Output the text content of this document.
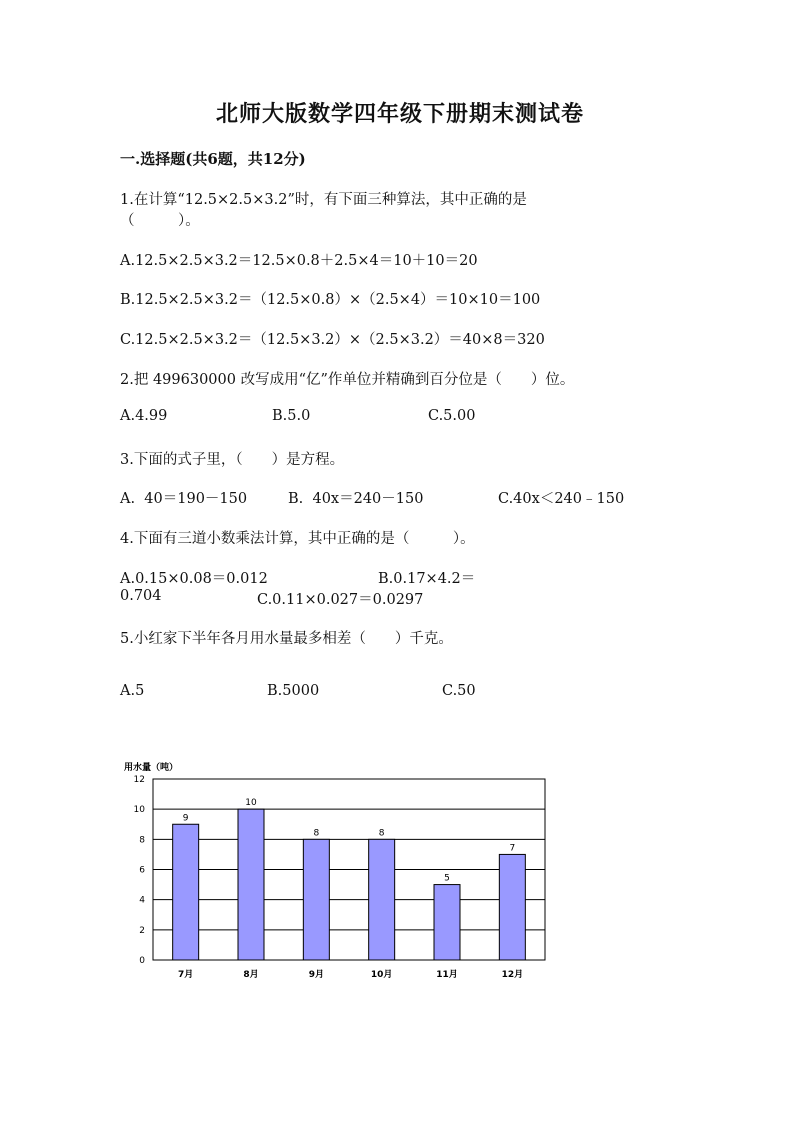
北师大版数学四年级下册期末测试卷
一.选择题(共6题，共12分)
1.在计算“12.5×2.5×3.2”时，有下面三种算法，其中正确的是
（　　　）。
A.12.5×2.5×3.2＝12.5×0.8＋2.5×4＝10＋10＝20
B.12.5×2.5×3.2＝（12.5×0.8）×（2.5×4）＝10×10＝100
C.12.5×2.5×3.2＝（12.5×3.2）×（2.5×3.2）＝40×8＝320
2.把 499630000 改写成用“亿”作单位并精确到百分位是（　　）位。
A.4.99	B.5.0	C.5.00
3.下面的式子里，（　　）是方程。
A.  40＝190－150	B.  40x＝240－150	C.40x＜240﹣150
4.下面有三道小数乘法计算，其中正确的是（　　　）。
A.0.15×0.08＝0.012	B.0.17×4.2＝
0.704	C.0.11×0.027＝0.0297
5.小红家下半年各月用水量最多相差（　　）千克。
A.5	B.5000	C.50
用水量（吨）
0
2
4
6
8
10
12
9
7月
10
8月
8
9月
8
10月
5
11月
7
12月
